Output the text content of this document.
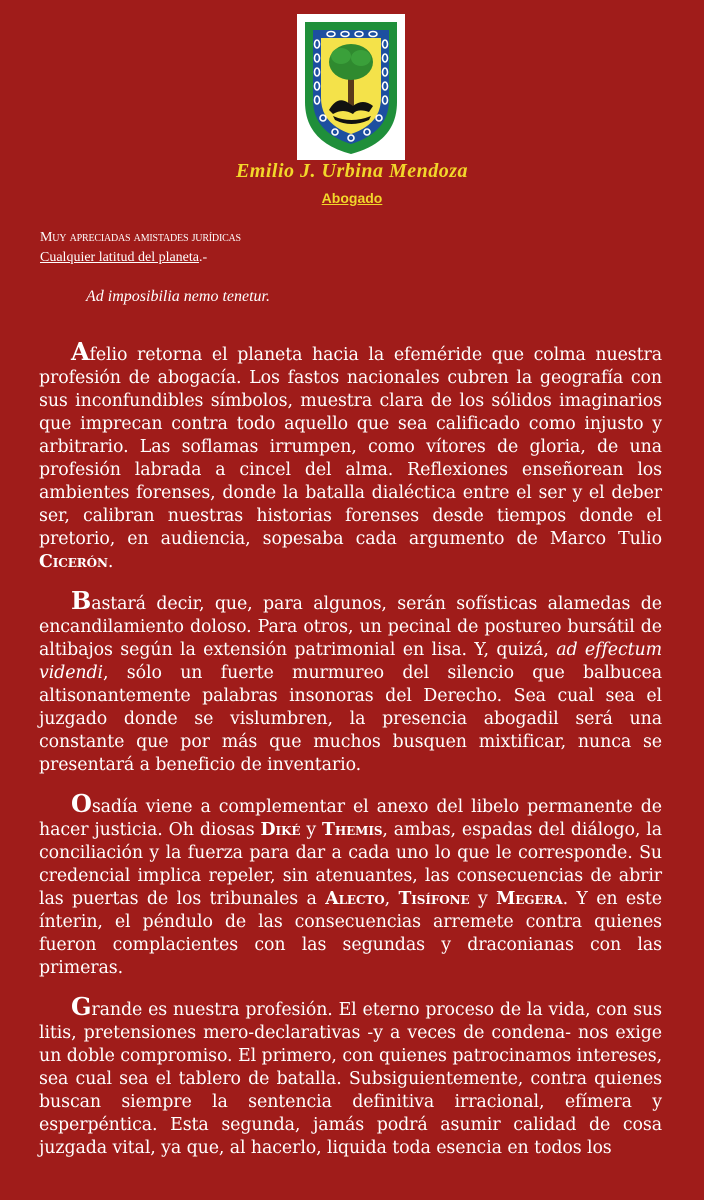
Emilio J. Urbina Mendoza
Abogado
Muy apreciadas amistades jurídicas
Cualquier latitud del planeta.-
Ad imposibilia nemo tenetur.

Afelio retorna el planeta hacia la efeméride que colma nuestra profesión de abogacía. Los fastos nacionales cubren la geografía con sus inconfundibles símbolos, muestra clara de los sólidos imaginarios que imprecan contra todo aquello que sea calificado como injusto y arbitrario. Las soflamas irrumpen, como vítores de gloria, de una profesión labrada a cincel del alma. Reflexiones enseñorean los ambientes forenses, donde la batalla dialéctica entre el ser y el deber ser, calibran nuestras historias forenses desde tiempos donde el pretorio, en audiencia, sopesaba cada argumento de Marco Tulio Cicerón.

Bastará decir, que, para algunos, serán sofísticas alamedas de encandilamiento doloso. Para otros, un pecinal de postureo bursátil de altibajos según la extensión patrimonial en lisa. Y, quizá, ad effectum videndi, sólo un fuerte murmureo del silencio que balbucea altisonantemente palabras insonoras del Derecho. Sea cual sea el juzgado donde se vislumbren, la presencia abogadil será una constante que por más que muchos busquen mixtificar, nunca se presentará a beneficio de inventario.

Osadía viene a complementar el anexo del libelo permanente de hacer justicia. Oh diosas Diké y Themis, ambas, espadas del diálogo, la conciliación y la fuerza para dar a cada uno lo que le corresponde. Su credencial implica repeler, sin atenuantes, las consecuencias de abrir las puertas de los tribunales a Alecto, Tisífone y Megera. Y en este ínterin, el péndulo de las consecuencias arremete contra quienes fueron complacientes con las segundas y draconianas con las primeras.

Grande es nuestra profesión. El eterno proceso de la vida, con sus litis, pretensiones mero-declarativas -y a veces de condena- nos exige un doble compromiso. El primero, con quienes patrocinamos intereses, sea cual sea el tablero de batalla. Subsiguientemente, contra quienes buscan siempre la sentencia definitiva irracional, efímera y esperpéntica. Esta segunda, jamás podrá asumir calidad de cosa juzgada vital, ya que, al hacerlo, liquida toda esencia en todos los
